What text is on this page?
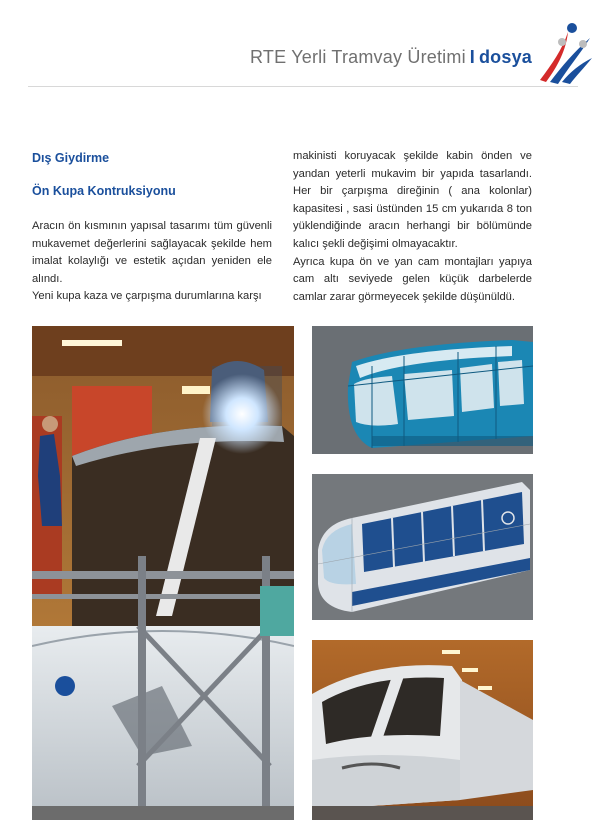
RTE Yerli Tramvay Üretimi I dosya
Dış Giydirme
Ön Kupa Kontruksiyonu

Aracın ön kısmının yapısal tasarımı tüm güvenli mukavemet değerlerini sağlayacak şekilde hem imalat kolaylığı ve estetik açıdan yeniden ele alındı.

Yeni kupa kaza ve çarpışma durumlarına karşı

makinisti koruyacak şekilde kabin önden ve yandan yeterli mukavim bir yapıda tasarlandı. Her bir çarpışma direğinin ( ana kolonlar) kapasitesi , sasi üstünden 15 cm yukarıda 8 ton yüklendiğinde aracın herhangi bir bölümünde kalıcı şekli değişimi olmayacaktır.

Ayrıca kupa ön ve yan cam montajları yapıya cam altı seviyede gelen küçük darbelerde camlar zarar görmeyecek şekilde düşünüldü.
